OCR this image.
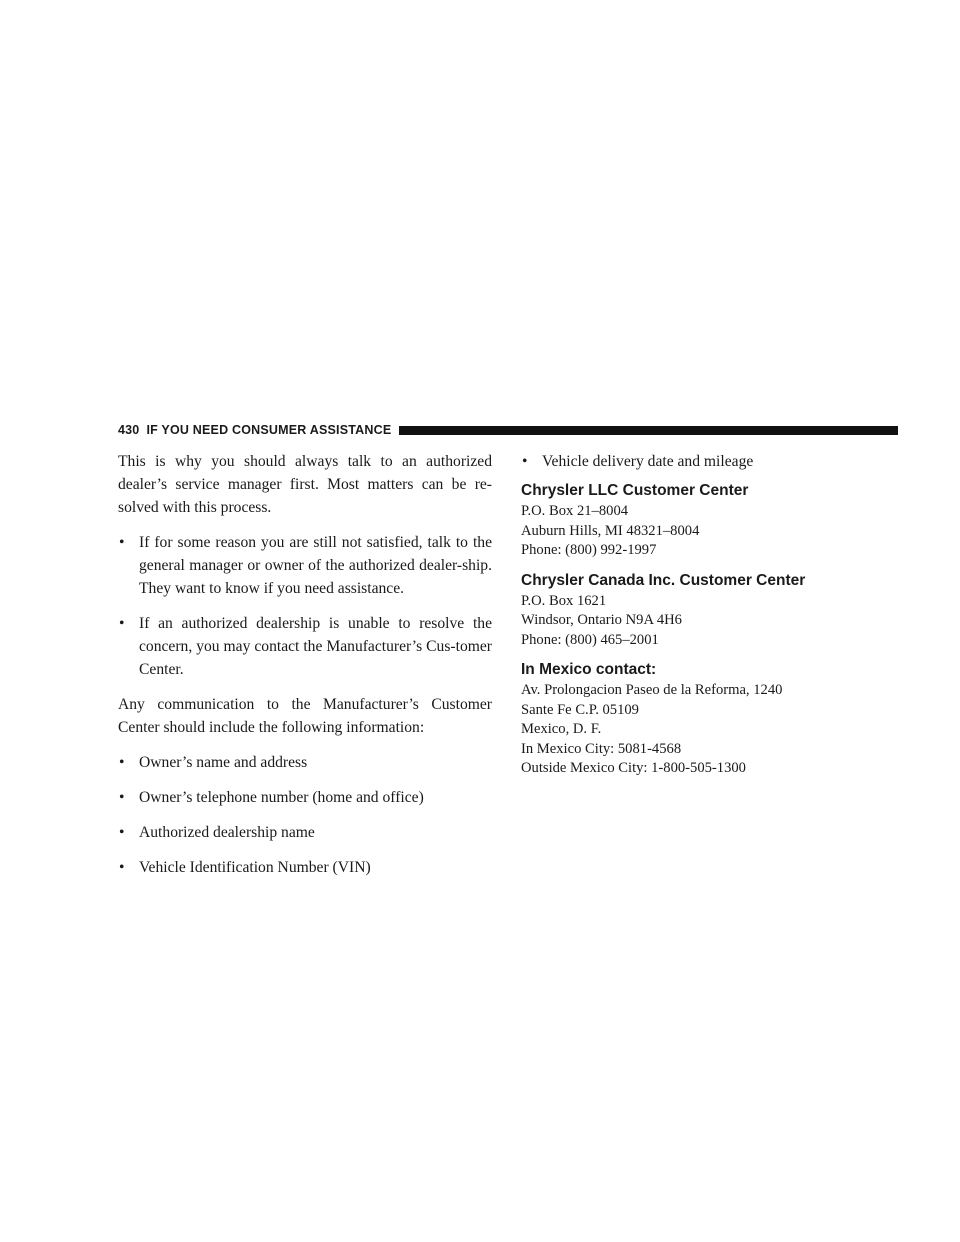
430 IF YOU NEED CONSUMER ASSISTANCE

This is why you should always talk to an authorized dealer’s service manager first. Most matters can be re-solved with this process.

• If for some reason you are still not satisfied, talk to the general manager or owner of the authorized dealer-ship. They want to know if you need assistance.
• If an authorized dealership is unable to resolve the concern, you may contact the Manufacturer’s Cus-tomer Center.

Any communication to the Manufacturer’s Customer Center should include the following information:

• Owner’s name and address
• Owner’s telephone number (home and office)
• Authorized dealership name
• Vehicle Identification Number (VIN)
• Vehicle delivery date and mileage
Chrysler LLC Customer Center
P.O. Box 21–8004
Auburn Hills, MI 48321–8004
Phone: (800) 992-1997
Chrysler Canada Inc. Customer Center
P.O. Box 1621
Windsor, Ontario N9A 4H6
Phone: (800) 465–2001
In Mexico contact:
Av. Prolongacion Paseo de la Reforma, 1240
Sante Fe C.P. 05109
Mexico, D. F.
In Mexico City: 5081-4568
Outside Mexico City: 1-800-505-1300
